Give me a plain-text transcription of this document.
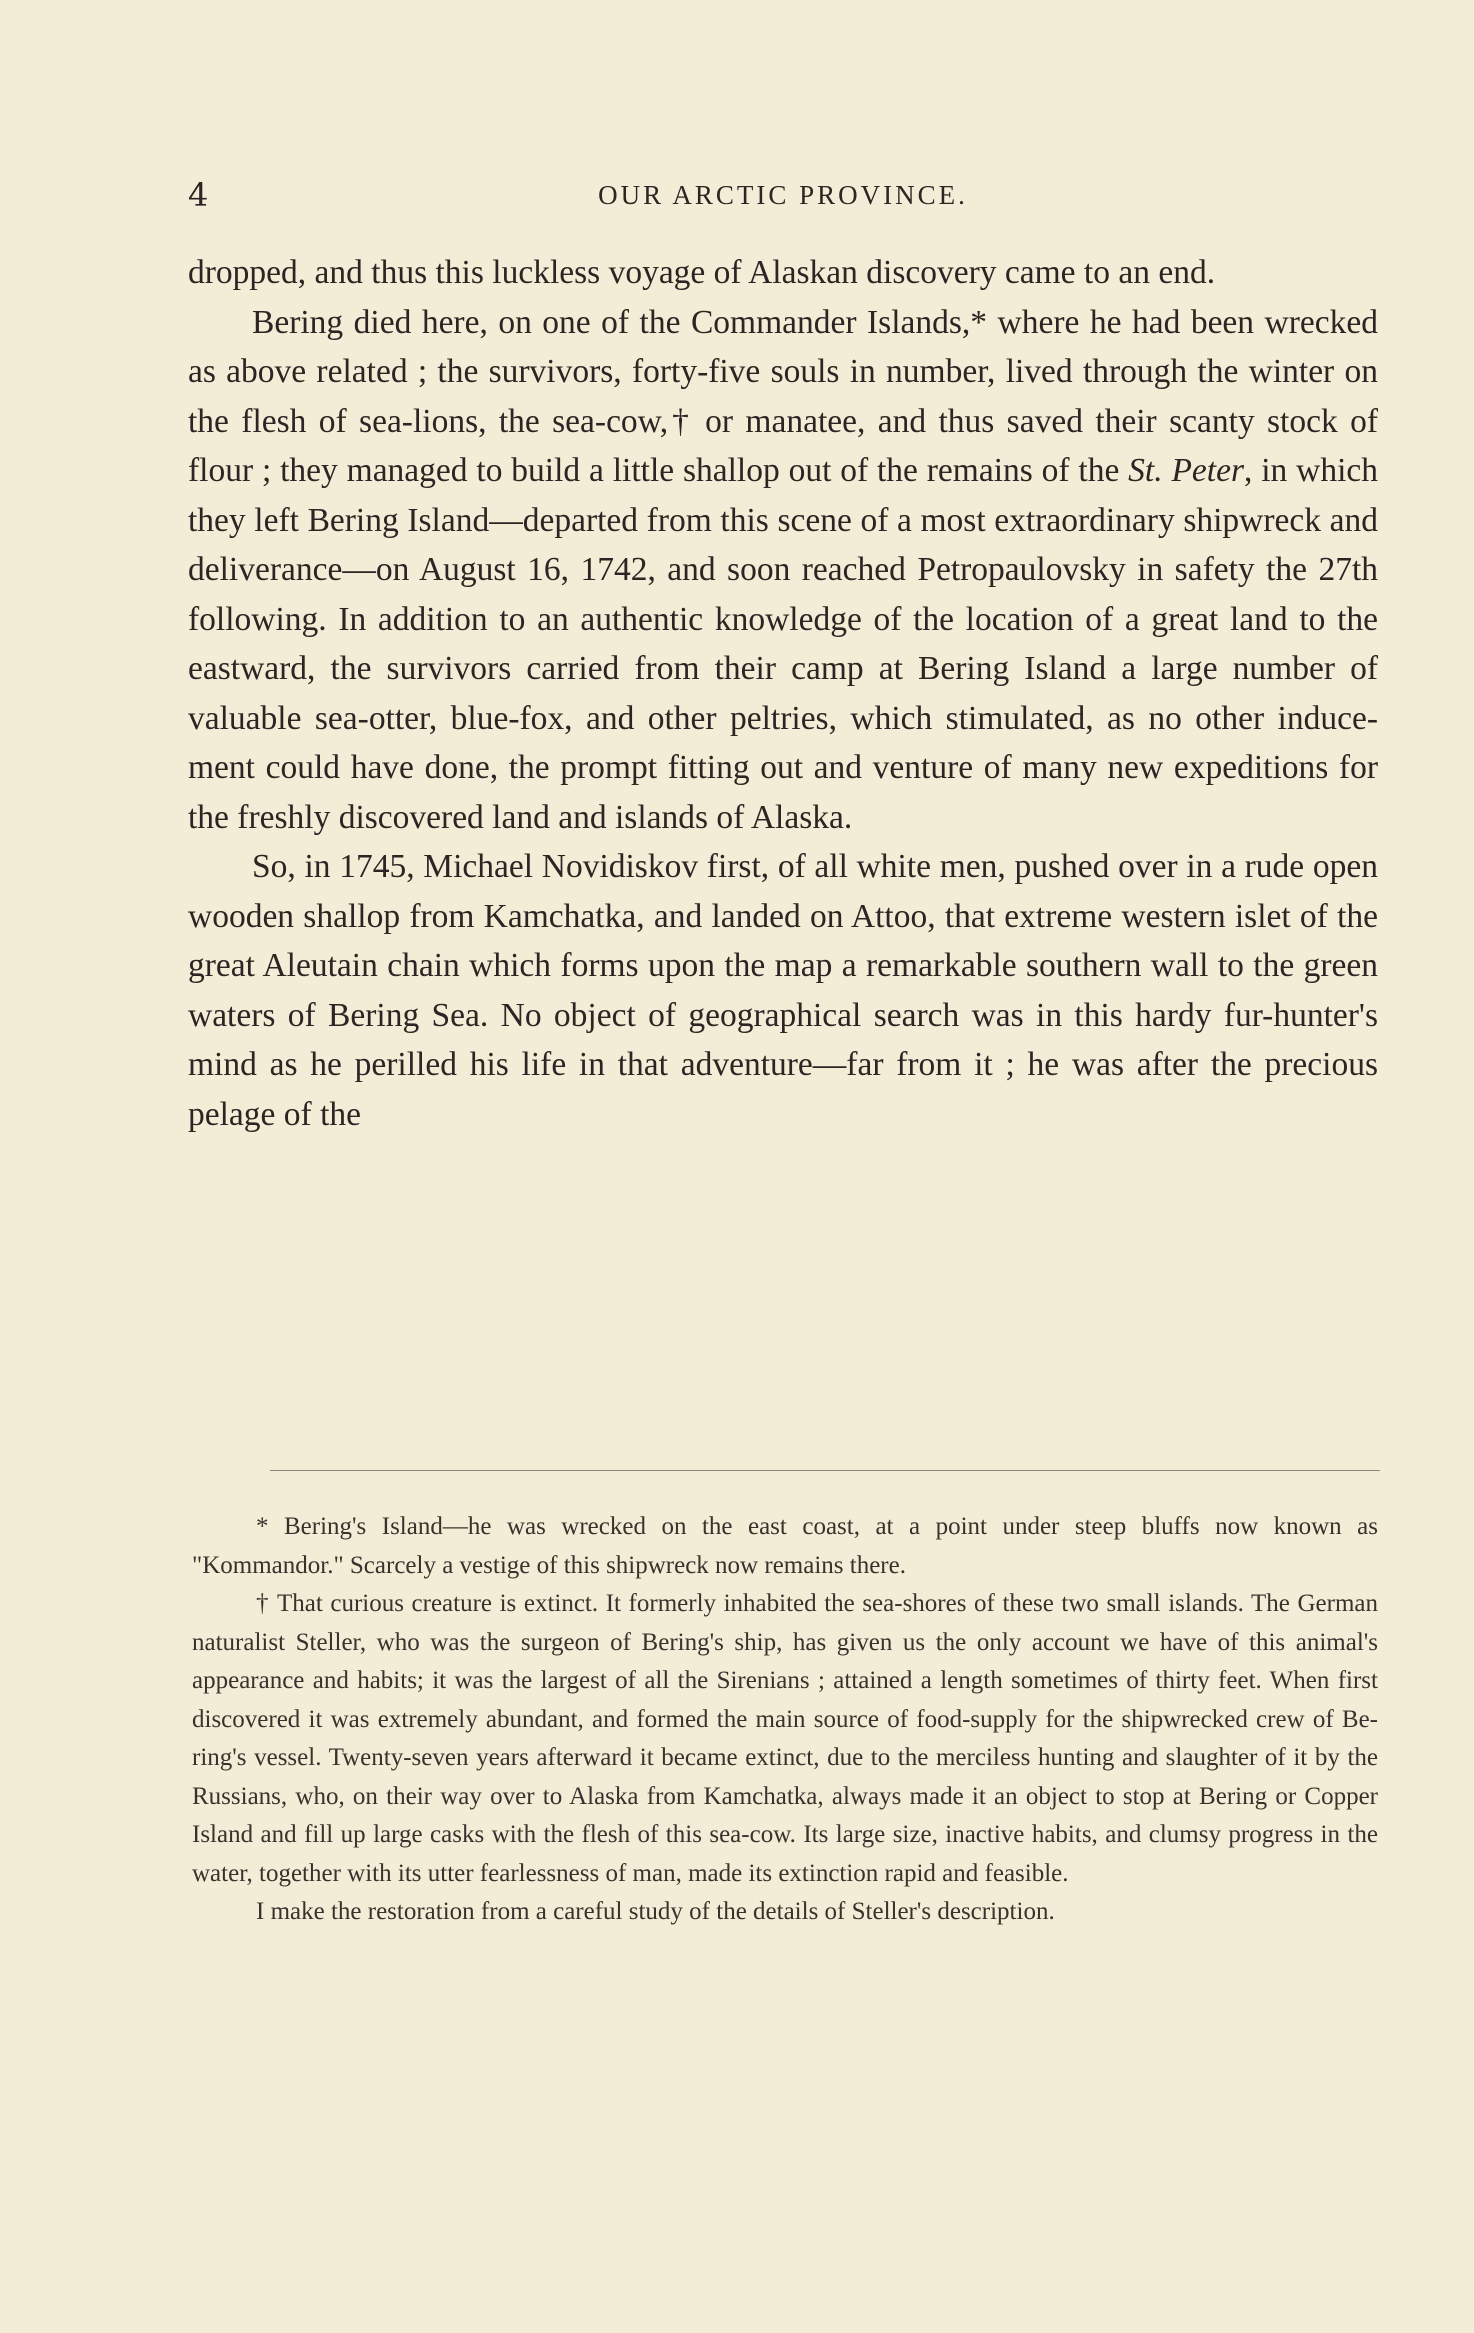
4	OUR ARCTIC PROVINCE.

dropped, and thus this luckless voyage of Alaskan discovery came to an end.

Bering died here, on one of the Commander Islands,* where he had been wrecked as above related ; the survivors, forty-five souls in number, lived through the winter on the flesh of sea-lions, the sea-cow,† or manatee, and thus saved their scanty stock of flour ; they managed to build a little shallop out of the remains of the St. Peter, in which they left Bering Island—departed from this scene of a most extraordinary shipwreck and deliverance—on August 16, 1742, and soon reached Petropaulovsky in safety the 27th following. In addition to an authentic knowledge of the location of a great land to the eastward, the survivors carried from their camp at Bering Island a large number of valuable sea-otter, blue-fox, and other peltries, which stimulated, as no other inducement could have done, the prompt fitting out and venture of many new expeditions for the freshly discovered land and islands of Alaska.

So, in 1745, Michael Novidiskov first, of all white men, pushed over in a rude open wooden shallop from Kamchatka, and landed on Attoo, that extreme western islet of the great Aleutain chain which forms upon the map a remarkable southern wall to the green waters of Bering Sea. No object of geographical search was in this hardy fur-hunter's mind as he perilled his life in that adventure—far from it ; he was after the precious pelage of the

* Bering's Island—he was wrecked on the east coast, at a point under steep bluffs now known as "Kommandor." Scarcely a vestige of this shipwreck now remains there.

† That curious creature is extinct. It formerly inhabited the sea-shores of these two small islands. The German naturalist Steller, who was the surgeon of Bering's ship, has given us the only account we have of this animal's appearance and habits; it was the largest of all the Sirenians ; attained a length sometimes of thirty feet. When first discovered it was extremely abundant, and formed the main source of food-supply for the shipwrecked crew of Bering's vessel. Twenty-seven years afterward it became extinct, due to the merciless hunting and slaughter of it by the Russians, who, on their way over to Alaska from Kamchatka, always made it an object to stop at Bering or Copper Island and fill up large casks with the flesh of this sea-cow. Its large size, inactive habits, and clumsy progress in the water, together with its utter fearlessness of man, made its extinction rapid and feasible.

I make the restoration from a careful study of the details of Steller's description.
